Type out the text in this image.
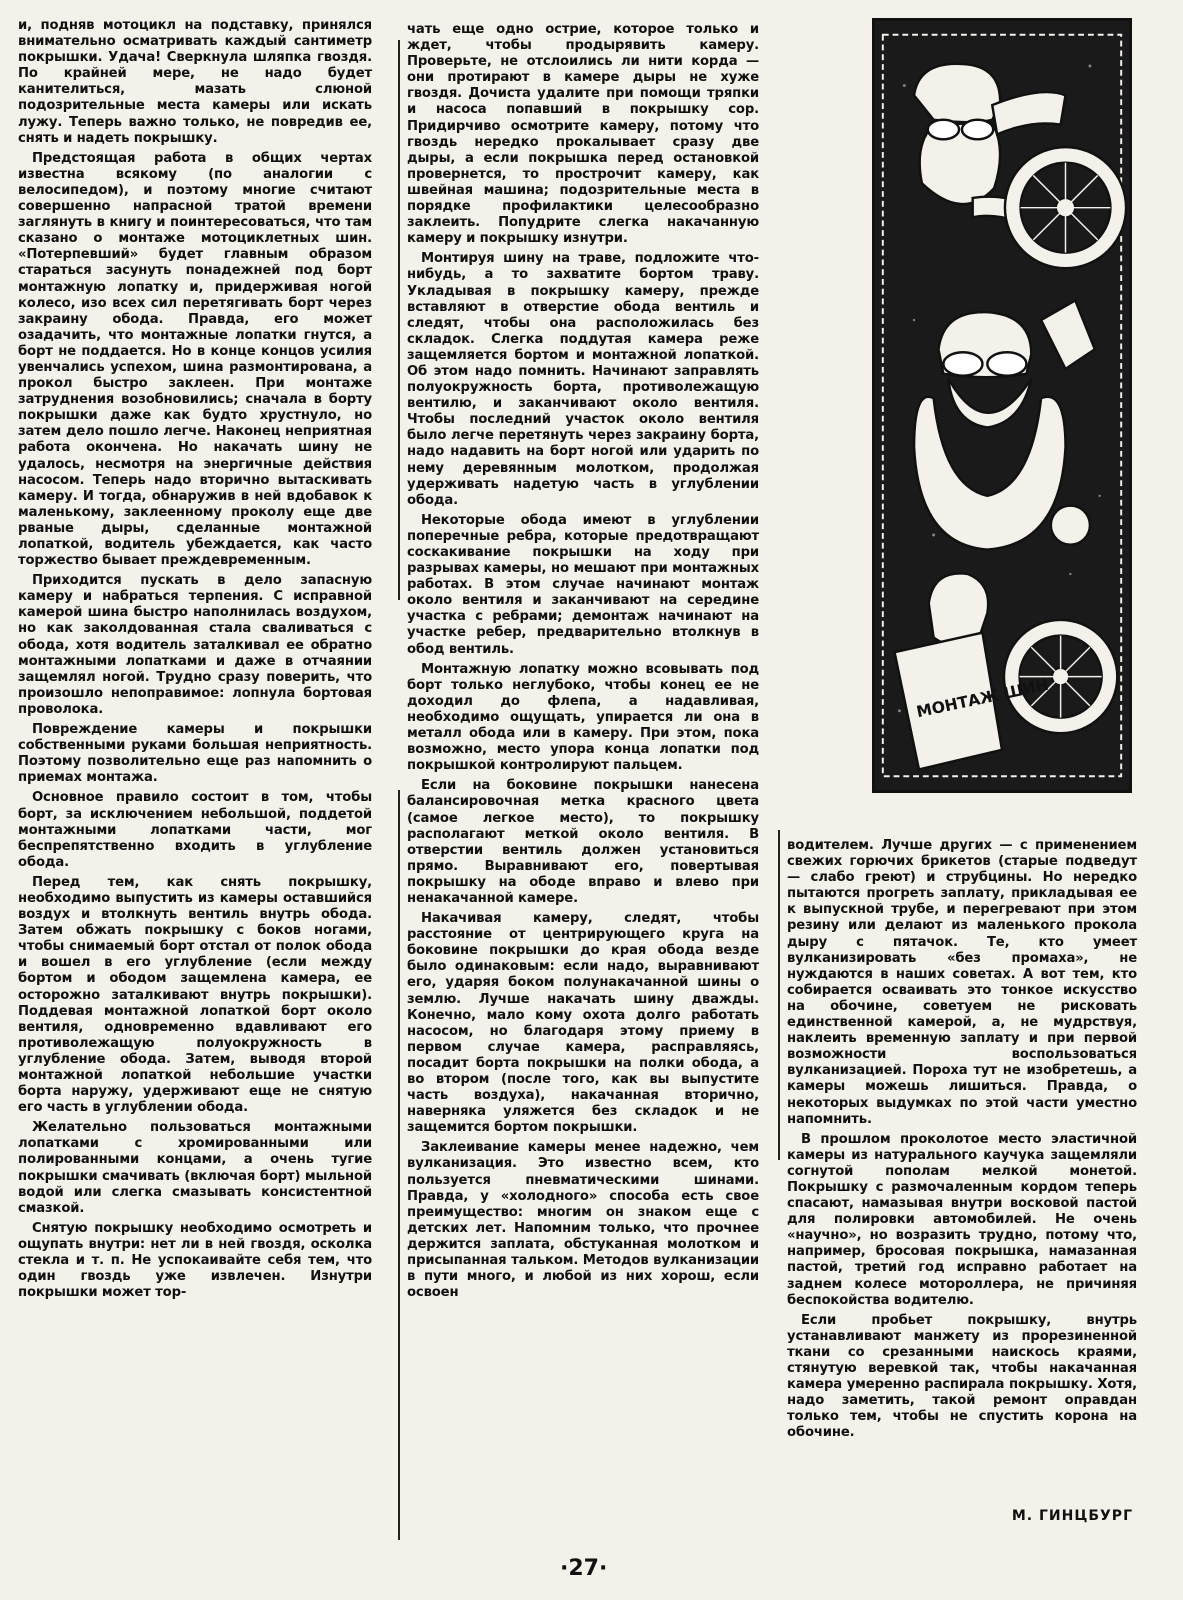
и, подняв мотоцикл на подставку, принялся внимательно осматривать каждый сантиметр покрышки. Удача! Сверкнула шляпка гвоздя. По крайней мере, не надо будет канителиться, мазать слюной подозрительные места камеры или искать лужу. Теперь важно только, не повредив ее, снять и надеть покрышку.

Предстоящая работа в общих чертах известна всякому (по аналогии с велосипедом), и поэтому многие считают совершенно напрасной тратой времени заглянуть в книгу и поинтересоваться, что там сказано о монтаже мотоциклетных шин. «Потерпевший» будет главным образом стараться засунуть понадежней под борт монтажную лопатку и, придерживая ногой колесо, изо всех сил перетягивать борт через закраину обода. Правда, его может озадачить, что монтажные лопатки гнутся, а борт не поддается. Но в конце концов усилия увенчались успехом, шина размонтирована, а прокол быстро заклеен. При монтаже затруднения возобновились; сначала в борту покрышки даже как будто хрустнуло, но затем дело пошло легче. Наконец неприятная работа окончена. Но накачать шину не удалось, несмотря на энергичные действия насосом. Теперь надо вторично вытаскивать камеру. И тогда, обнаружив в ней вдобавок к маленькому, заклеенному проколу еще две рваные дыры, сделанные монтажной лопаткой, водитель убеждается, как часто торжество бывает преждевременным.

Приходится пускать в дело запасную камеру и набраться терпения. С исправной камерой шина быстро наполнилась воздухом, но как заколдованная стала сваливаться с обода, хотя водитель заталкивал ее обратно монтажными лопатками и даже в отчаянии защемлял ногой. Трудно сразу поверить, что произошло непоправимое: лопнула бортовая проволока.

Повреждение камеры и покрышки собственными руками большая неприятность. Поэтому позволительно еще раз напомнить о приемах монтажа.

Основное правило состоит в том, чтобы борт, за исключением небольшой, поддетой монтажными лопатками части, мог беспрепятственно входить в углубление обода.

Перед тем, как снять покрышку, необходимо выпустить из камеры оставшийся воздух и втолкнуть вентиль внутрь обода. Затем обжать покрышку с боков ногами, чтобы снимаемый борт отстал от полок обода и вошел в его углубление (если между бортом и ободом защемлена камера, ее осторожно заталкивают внутрь покрышки). Поддевая монтажной лопаткой борт около вентиля, одновременно вдавливают его противолежащую полуокружность в углубление обода. Затем, выводя второй монтажной лопаткой небольшие участки борта наружу, удерживают еще не снятую его часть в углублении обода.

Желательно пользоваться монтажными лопатками с хромированными или полированными концами, а очень тугие покрышки смачивать (включая борт) мыльной водой или слегка смазывать консистентной смазкой.

Снятую покрышку необходимо осмотреть и ощупать внутри: нет ли в ней гвоздя, осколка стекла и т. п. Не успокаивайте себя тем, что один гвоздь уже извлечен. Изнутри покрышки может тор-

чать еще одно острие, которое только и ждет, чтобы продырявить камеру. Проверьте, не отслоились ли нити корда — они протирают в камере дыры не хуже гвоздя. Дочиста удалите при помощи тряпки и насоса попавший в покрышку сор. Придирчиво осмотрите камеру, потому что гвоздь нередко прокалывает сразу две дыры, а если покрышка перед остановкой провернется, то прострочит камеру, как швейная машина; подозрительные места в порядке профилактики целесообразно заклеить. Попудрите слегка накачанную камеру и покрышку изнутри.

Монтируя шину на траве, подложите что-нибудь, а то захватите бортом траву. Укладывая в покрышку камеру, прежде вставляют в отверстие обода вентиль и следят, чтобы она расположилась без складок. Слегка поддутая камера реже защемляется бортом и монтажной лопаткой. Об этом надо помнить. Начинают заправлять полуокружность борта, противолежащую вентилю, и заканчивают около вентиля. Чтобы последний участок около вентиля было легче перетянуть через закраину борта, надо надавить на борт ногой или ударить по нему деревянным молотком, продолжая удерживать надетую часть в углублении обода.

Некоторые обода имеют в углублении поперечные ребра, которые предотвращают соскакивание покрышки на ходу при разрывах камеры, но мешают при монтажных работах. В этом случае начинают монтаж около вентиля и заканчивают на середине участка с ребрами; демонтаж начинают на участке ребер, предварительно втолкнув в обод вентиль.

Монтажную лопатку можно всовывать под борт только неглубоко, чтобы конец ее не доходил до флепа, а надавливая, необходимо ощущать, упирается ли она в металл обода или в камеру. При этом, пока возможно, место упора конца лопатки под покрышкой контролируют пальцем.

Если на боковине покрышки нанесена балансировочная метка красного цвета (самое легкое место), то покрышку располагают меткой около вентиля. В отверстии вентиль должен установиться прямо. Выравнивают его, повертывая покрышку на ободе вправо и влево при ненакачанной камере.

Накачивая камеру, следят, чтобы расстояние от центрирующего круга на боковине покрышки до края обода везде было одинаковым: если надо, выравнивают его, ударяя боком полунакачанной шины о землю. Лучше накачать шину дважды. Конечно, мало кому охота долго работать насосом, но благодаря этому приему в первом случае камера, расправляясь, посадит борта покрышки на полки обода, а во втором (после того, как вы выпустите часть воздуха), накачанная вторично, наверняка уляжется без складок и не защемится бортом покрышки.

Заклеивание камеры менее надежно, чем вулканизация. Это известно всем, кто пользуется пневматическими шинами. Правда, у «холодного» способа есть свое преимущество: многим он знаком еще с детских лет. Напомним только, что прочнее держится заплата, обстуканная молотком и присыпанная тальком. Методов вулканизации в пути много, и любой из них хорош, если освоен

водителем. Лучше других — с применением свежих горючих брикетов (старые подведут — слабо греют) и струбцины. Но нередко пытаются прогреть заплату, прикладывая ее к выпускной трубе, и перегревают при этом резину или делают из маленького прокола дыру с пятачок. Те, кто умеет вулканизировать «без промаха», не нуждаются в наших советах. А вот тем, кто собирается осваивать это тонкое искусство на обочине, советуем не рисковать единственной камерой, а, не мудрствуя, наклеить временную заплату и при первой возможности воспользоваться вулканизацией. Пороха тут не изобретешь, а камеры можешь лишиться. Правда, о некоторых выдумках по этой части уместно напомнить.

В прошлом проколотое место эластичной камеры из натурального каучука защемляли согнутой пополам мелкой монетой. Покрышку с размочаленным кордом теперь спасают, намазывая внутри восковой пастой для полировки автомобилей. Не очень «научно», но возразить трудно, потому что, например, бросовая покрышка, намазанная пастой, третий год исправно работает на заднем колесе мотороллера, не причиняя беспокойства водителю.

Если пробьет покрышку, внутрь устанавливают манжету из прорезиненной ткани со срезанными наискось краями, стянутую веревкой так, чтобы накачанная камера умеренно распирала покрышку. Хотя, надо заметить, такой ремонт оправдан только тем, чтобы не спустить корона на обочине.

МОНТАЖ ШИН
М. ГИНЦБУРГ
·27·
